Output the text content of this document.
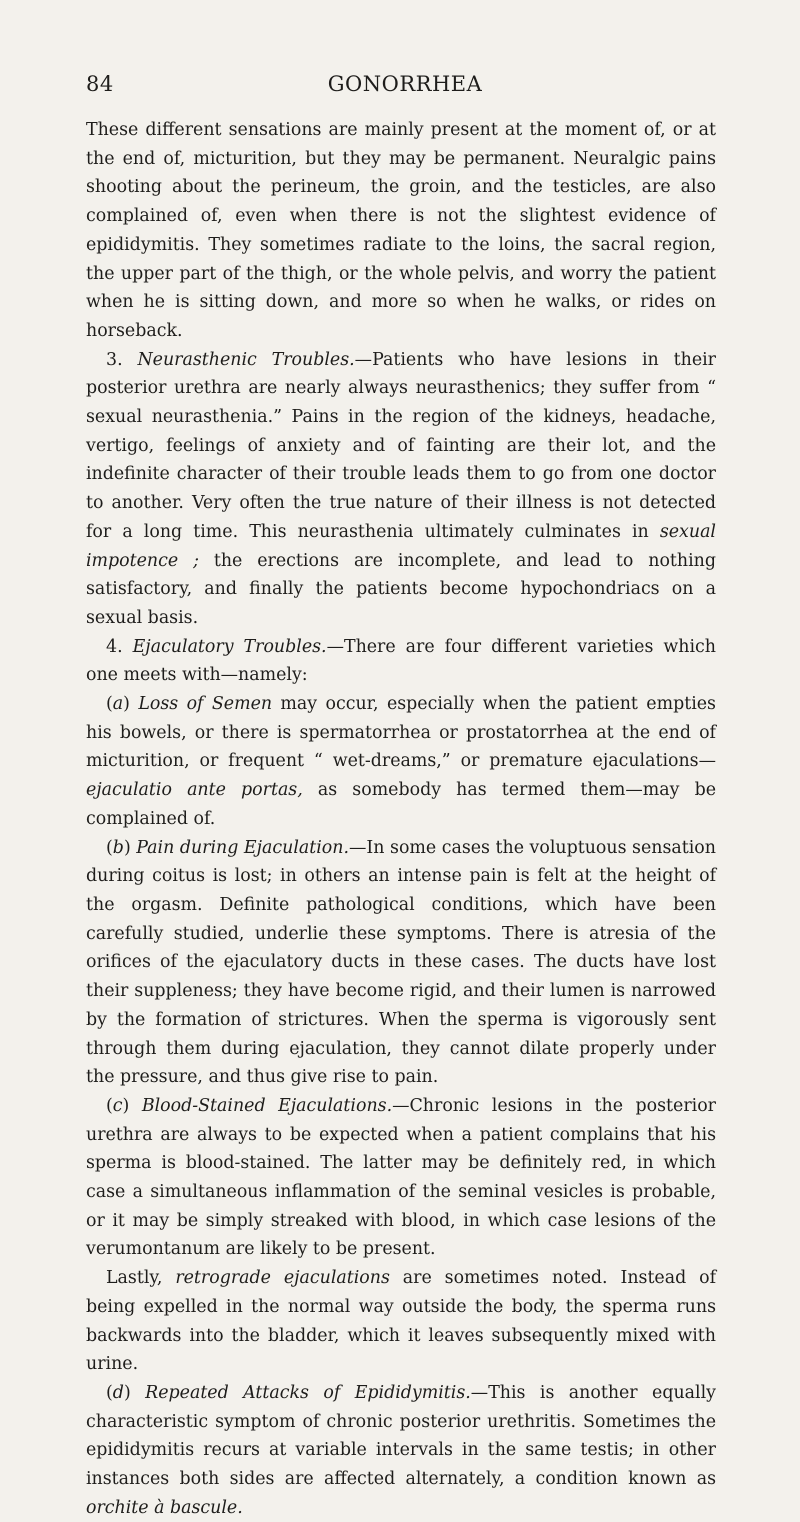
84	GONORRHEA

These different sensations are mainly present at the moment of, or at the end of, micturition, but they may be permanent. Neuralgic pains shooting about the perineum, the groin, and the testicles, are also complained of, even when there is not the slightest evidence of epididymitis. They sometimes radiate to the loins, the sacral region, the upper part of the thigh, or the whole pelvis, and worry the patient when he is sitting down, and more so when he walks, or rides on horseback.

3. Neurasthenic Troubles.—Patients who have lesions in their posterior urethra are nearly always neurasthenics; they suffer from “ sexual neurasthenia.” Pains in the region of the kidneys, headache, vertigo, feelings of anxiety and of fainting are their lot, and the indefinite character of their trouble leads them to go from one doctor to another. Very often the true nature of their illness is not detected for a long time. This neurasthenia ultimately culminates in sexual impotence ; the erections are incomplete, and lead to nothing satisfactory, and finally the patients become hypochondriacs on a sexual basis.

4. Ejaculatory Troubles.—There are four different varieties which one meets with—namely:

(a) Loss of Semen may occur, especially when the patient empties his bowels, or there is spermatorrhea or prostatorrhea at the end of micturition, or frequent “ wet-dreams,” or premature ejaculations—ejaculatio ante portas, as somebody has termed them—may be complained of.

(b) Pain during Ejaculation.—In some cases the voluptuous sensation during coitus is lost; in others an intense pain is felt at the height of the orgasm. Definite pathological conditions, which have been carefully studied, underlie these symptoms. There is atresia of the orifices of the ejaculatory ducts in these cases. The ducts have lost their suppleness; they have become rigid, and their lumen is narrowed by the formation of strictures. When the sperma is vigorously sent through them during ejaculation, they cannot dilate properly under the pressure, and thus give rise to pain.

(c) Blood-Stained Ejaculations.—Chronic lesions in the posterior urethra are always to be expected when a patient complains that his sperma is blood-stained. The latter may be definitely red, in which case a simultaneous inflammation of the seminal vesicles is probable, or it may be simply streaked with blood, in which case lesions of the verumontanum are likely to be present.

Lastly, retrograde ejaculations are sometimes noted. Instead of being expelled in the normal way outside the body, the sperma runs backwards into the bladder, which it leaves subsequently mixed with urine.

(d) Repeated Attacks of Epididymitis.—This is another equally characteristic symptom of chronic posterior urethritis. Sometimes the epididymitis recurs at variable intervals in the same testis; in other instances both sides are affected alternately, a condition known as orchite à bascule.
